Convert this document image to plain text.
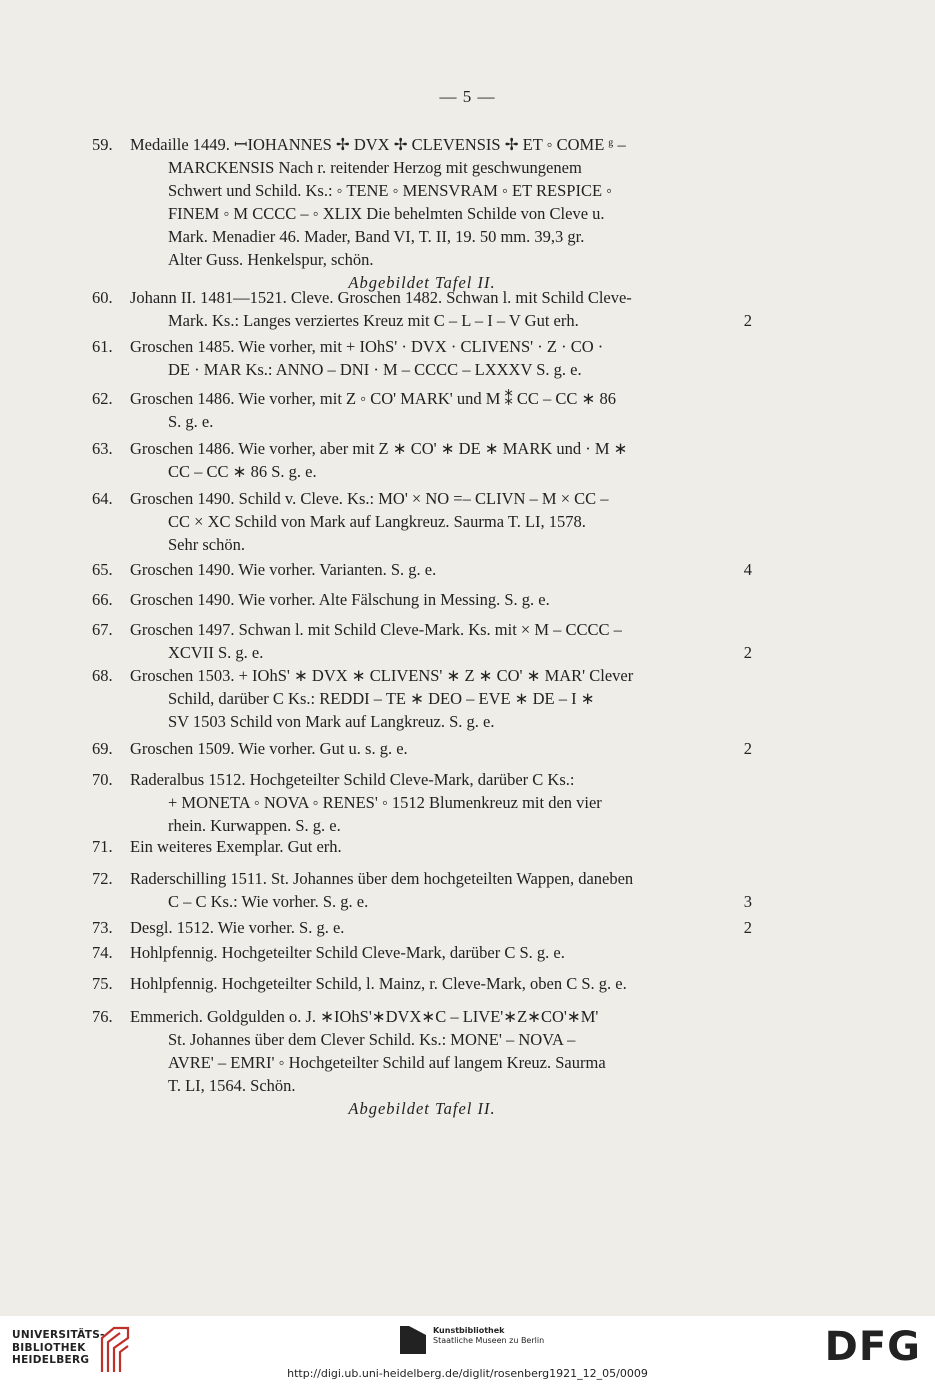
— 5 —
59.	Medaille 1449. ꟷIOHANNES ✢ DVX ✢ CLEVENSIS ✢ ET ◦ COME ᵍ –
MARCKENSIS Nach r. reitender Herzog mit geschwungenem
Schwert und Schild. Ks.: ◦ TENE ◦ MENSVRAM ◦ ET RESPICE ◦
FINEM ◦ M CCCC – ◦ XLIX Die behelmten Schilde von Cleve u.
Mark. Menadier 46. Mader, Band VI, T. II, 19. 50 mm. 39,3 gr.
Alter Guss. Henkelspur, schön.
Abgebildet Tafel II.
60.	Johann II. 1481—1521. Cleve. Groschen 1482. Schwan l. mit Schild Cleve-
Mark. Ks.: Langes verziertes Kreuz mit C – L – I – V Gut erh.	2
61.	Groschen 1485. Wie vorher, mit + IOhS' · DVX · CLIVENS' · Z · CO ·
DE · MAR Ks.: ANNO – DNI · M – CCCC – LXXXV S. g. e.
62.	Groschen 1486. Wie vorher, mit Z ◦ CO' MARK' und M ⁑ CC – CC ∗ 86
S. g. e.
63.	Groschen 1486. Wie vorher, aber mit Z ∗ CO' ∗ DE ∗ MARK und · M ∗
CC – CC ∗ 86 S. g. e.
64.	Groschen 1490. Schild v. Cleve. Ks.: MO' × NO =– CLIVN – M × CC –
CC × XC Schild von Mark auf Langkreuz. Saurma T. LI, 1578.
Sehr schön.
65.	Groschen 1490. Wie vorher. Varianten. S. g. e.	4
66.	Groschen 1490. Wie vorher. Alte Fälschung in Messing. S. g. e.
67.	Groschen 1497. Schwan l. mit Schild Cleve-Mark. Ks. mit × M – CCCC –
XCVII S. g. e.	2
68.	Groschen 1503. + IOhS' ∗ DVX ∗ CLIVENS' ∗ Z ∗ CO' ∗ MAR' Clever
Schild, darüber C Ks.: REDDI – TE ∗ DEO – EVE ∗ DE – I ∗
SV 1503 Schild von Mark auf Langkreuz. S. g. e.
69.	Groschen 1509. Wie vorher. Gut u. s. g. e.	2
70.	Raderalbus 1512. Hochgeteilter Schild Cleve-Mark, darüber C Ks.:
+ MONETA ◦ NOVA ◦ RENES' ◦ 1512 Blumenkreuz mit den vier
rhein. Kurwappen. S. g. e.
71.	Ein weiteres Exemplar. Gut erh.
72.	Raderschilling 1511. St. Johannes über dem hochgeteilten Wappen, daneben
C – C Ks.: Wie vorher. S. g. e.	3
73.	Desgl. 1512. Wie vorher. S. g. e.	2
74.	Hohlpfennig. Hochgeteilter Schild Cleve-Mark, darüber C S. g. e.
75.	Hohlpfennig. Hochgeteilter Schild, l. Mainz, r. Cleve-Mark, oben C S. g. e.
76.	Emmerich. Goldgulden o. J. ∗IOhS'∗DVX∗C – LIVE'∗Z∗CO'∗M'
St. Johannes über dem Clever Schild. Ks.: MONE' – NOVA –
AVRE' – EMRI' ◦ Hochgeteilter Schild auf langem Kreuz. Saurma
T. LI, 1564. Schön.
Abgebildet Tafel II.
UNIVERSITÄTS-
BIBLIOTHEK
HEIDELBERG
Kunstbibliothek
Staatliche Museen zu Berlin	DFG
http://digi.ub.uni-heidelberg.de/diglit/rosenberg1921_12_05/0009
